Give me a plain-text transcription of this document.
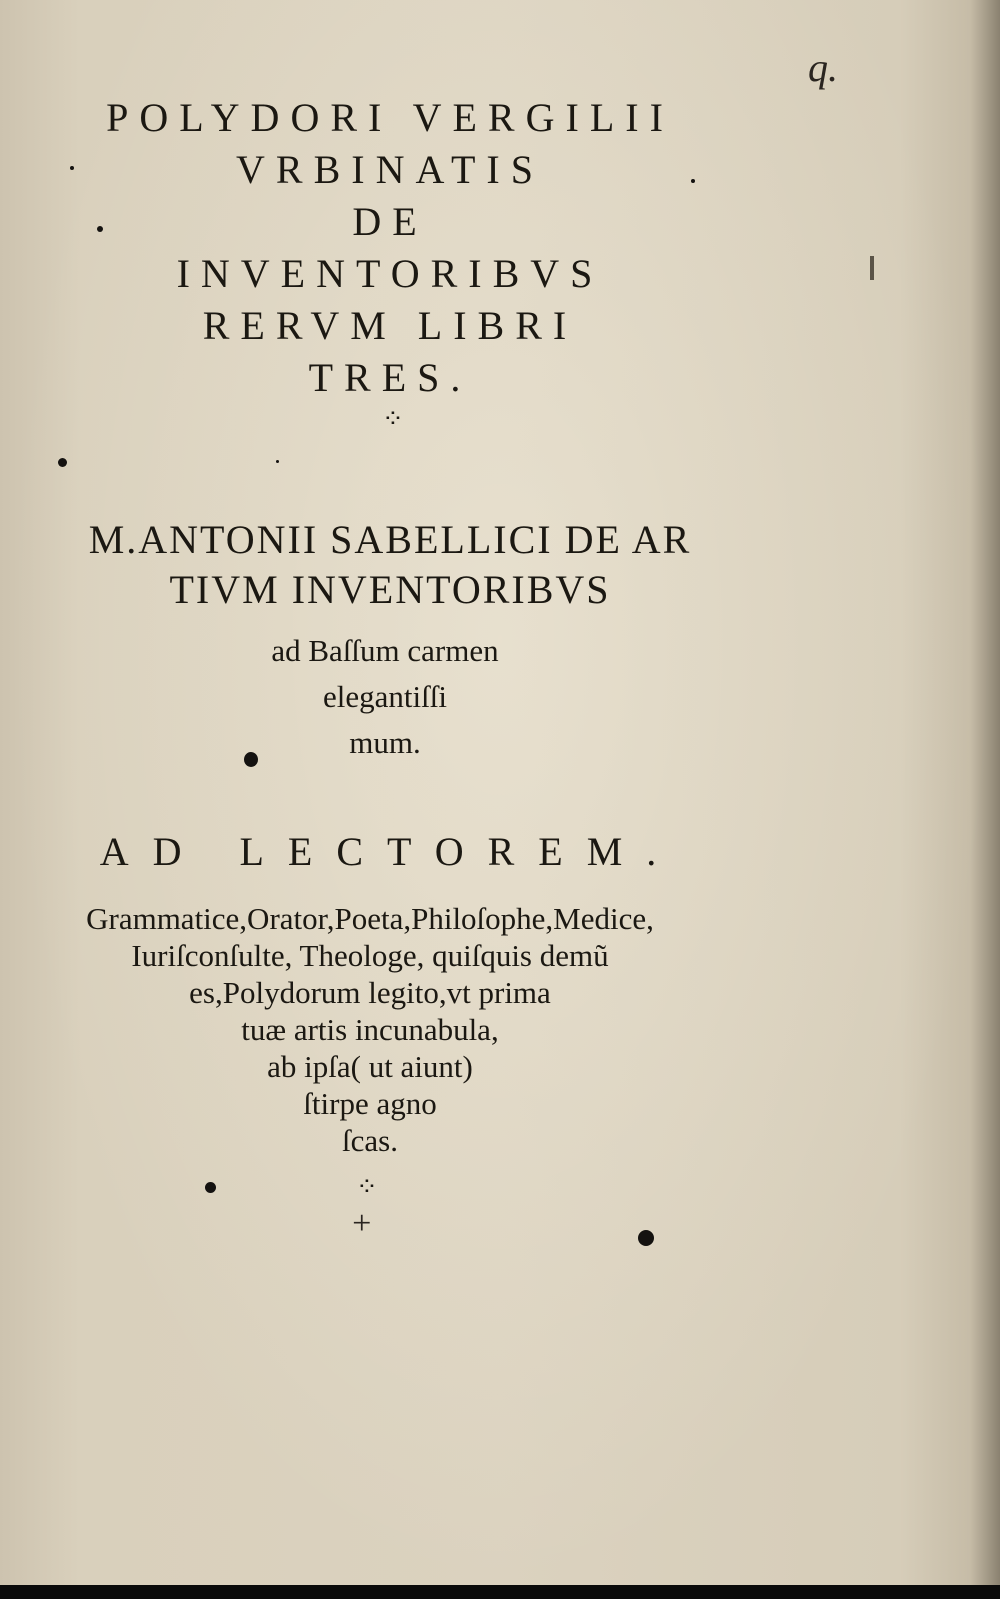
q.
POLYDORI VERGILII
VRBINATIS
DE
INVENTORIBVS
RERVM LIBRI
TRES.
⁘
M.ANTONII SABELLICI DE AR
TIVM INVENTORIBVS
ad Baſſum carmen
elegantiſſi
mum.
AD LECTOREM.
Grammatice,Orator,Poeta,Philoſophe,Medice,
Iuriſconſulte, Theologe, quiſquis demũ
es,Polydorum legito,vt prima
tuæ artis incunabula,
ab ipſa( ut aiunt)
ſtirpe agno
ſcas.
⁘
+
